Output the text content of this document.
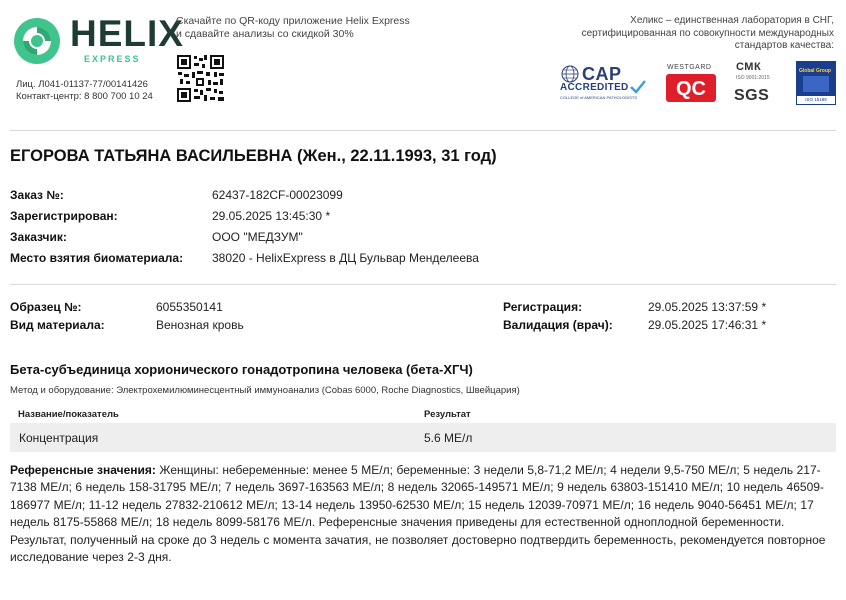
HELIX
EXPRESS
Лиц. Л041-01137-77/00141426
Контакт-центр: 8 800 700 10 24
Скачайте по QR-коду приложение Helix Express
и сдавайте анализы со скидкой 30%
Хеликс – единственная лаборатория в СНГ,
сертифицированная по совокупности международных
стандартов качества:
CAP
ACCREDITED
COLLEGE of AMERICAN PATHOLOGISTS
WESTGARD
QC
СМК
ISO 9001:2015
SGS
Global Group
ISO 15189
ЕГОРОВА ТАТЬЯНА ВАСИЛЬЕВНА (Жен., 22.11.1993, 31 год)
Заказ №:	62437-182CF-00023099
Зарегистрирован:	29.05.2025 13:45:30 *
Заказчик:	ООО "МЕДЗУМ"
Место взятия биоматериала: 38020 - HelixExpress в ДЦ Бульвар Менделеева
Образец №:	6055350141
Вид материала:	Венозная кровь
Регистрация:	29.05.2025 13:37:59 *
Валидация (врач):	29.05.2025 17:46:31 *
Бета-субъединица хорионического гонадотропина человека (бета-ХГЧ)
Метод и оборудование: Электрохемилюминесцентный иммуноанализ (Cobas 6000, Roche Diagnostics, Швейцария)
Название/показатель	Результат
Концентрация	5.6 МЕ/л
Референсные значения: Женщины: небеременные: менее 5 МЕ/л; беременные: 3 недели 5,8-71,2 МЕ/л; 4 недели 9,5-750 МЕ/л; 5 недель 217-7138 МЕ/л; 6 недель 158-31795 МЕ/л; 7 недель 3697-163563 МЕ/л; 8 недель 32065-149571 МЕ/л; 9 недель 63803-151410 МЕ/л; 10 недель 46509-186977 МЕ/л; 11-12 недель 27832-210612 МЕ/л; 13-14 недель 13950-62530 МЕ/л; 15 недель 12039-70971 МЕ/л; 16 недель 9040-56451 МЕ/л; 17 недель 8175-55868 МЕ/л; 18 недель 8099-58176 МЕ/л. Референсные значения приведены для естественной одноплодной беременности. Результат, полученный на сроке до 3 недель с момента зачатия, не позволяет достоверно подтвердить беременность, рекомендуется повторное исследование через 2-3 дня.
